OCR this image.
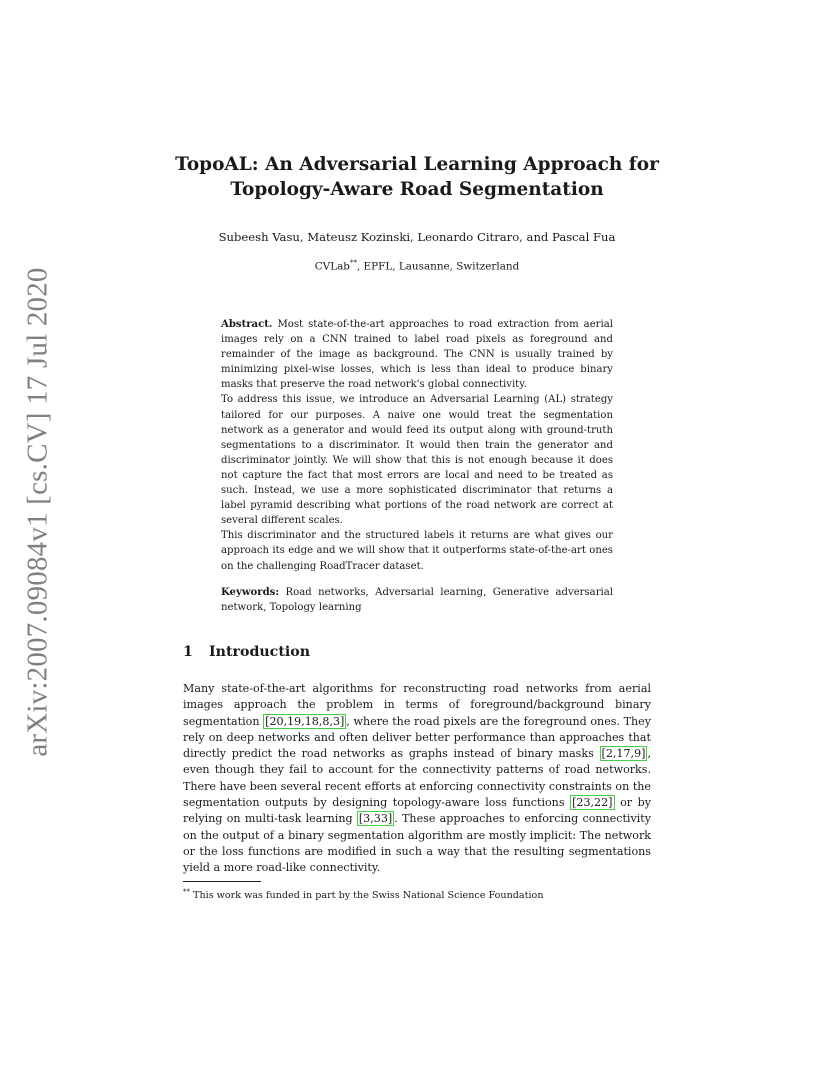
arXiv:2007.09084v1 [cs.CV] 17 Jul 2020
TopoAL: An Adversarial Learning Approach for
Topology-Aware Road Segmentation
Subeesh Vasu, Mateusz Kozinski, Leonardo Citraro, and Pascal Fua
CVLab**, EPFL, Lausanne, Switzerland

Abstract. Most state-of-the-art approaches to road extraction from aerial images rely on a CNN trained to label road pixels as foreground and remainder of the image as background. The CNN is usually trained by minimizing pixel-wise losses, which is less than ideal to produce binary masks that preserve the road network's global connectivity.

To address this issue, we introduce an Adversarial Learning (AL) strategy tailored for our purposes. A naive one would treat the segmentation network as a generator and would feed its output along with ground-truth segmentations to a discriminator. It would then train the generator and discriminator jointly. We will show that this is not enough because it does not capture the fact that most errors are local and need to be treated as such. Instead, we use a more sophisticated discriminator that returns a label pyramid describing what portions of the road network are correct at several different scales.

This discriminator and the structured labels it returns are what gives our approach its edge and we will show that it outperforms state-of-the-art ones on the challenging RoadTracer dataset.

Keywords: Road networks, Adversarial learning, Generative adversarial network, Topology learning
1 Introduction

Many state-of-the-art algorithms for reconstructing road networks from aerial images approach the problem in terms of foreground/background binary segmentation [20,19,18,8,3] , where the road pixels are the foreground ones. They rely on deep networks and often deliver better performance than approaches that directly predict the road networks as graphs instead of binary masks [2,17,9] , even though they fail to account for the connectivity patterns of road networks. There have been several recent efforts at enforcing connectivity constraints on the segmentation outputs by designing topology-aware loss functions [23,22] or by relying on multi-task learning [3,33] . These approaches to enforcing connectivity on the output of a binary segmentation algorithm are mostly implicit: The network or the loss functions are modified in such a way that the resulting segmentations yield a more road-like connectivity.

** This work was funded in part by the Swiss National Science Foundation
